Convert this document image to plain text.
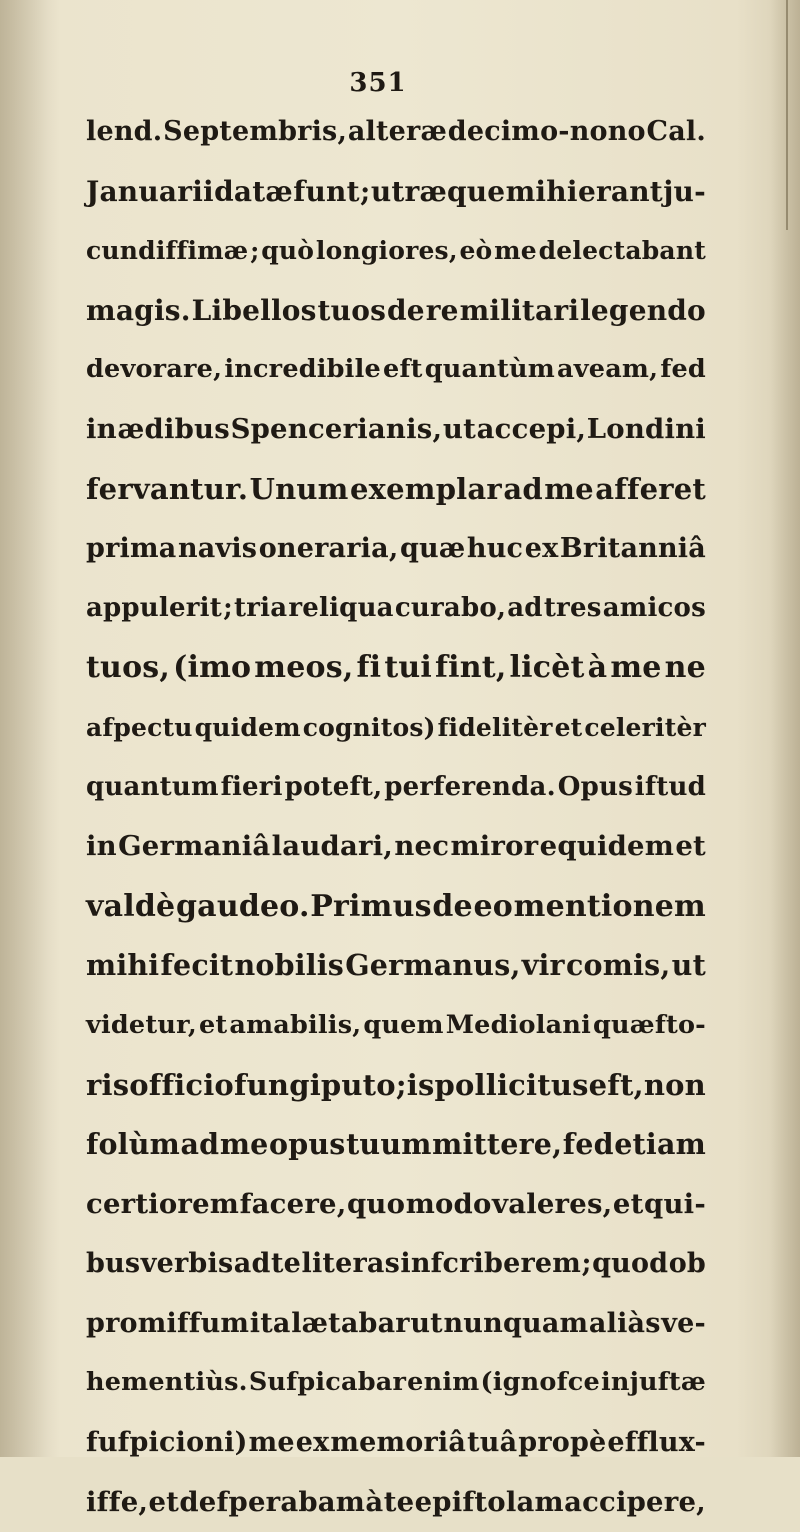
351

lend. Septembris, alteræ decimo-nono Cal.
Januarii datæ funt ; utræque mihi erant ju-
cundiffimæ ; quò longiores, eò me delectabant
magis. Libellos tuos de re militari legendo
devorare, incredibile eft quantùm aveam, fed
in ædibus Spencerianis, ut accepi, Londini
fervantur. Unum exemplar ad me afferet
prima navis oneraria, quæ huc ex Britanniâ
appulerit ; tria reliqua curabo, ad tres amicos
tuos, (imo meos, fi tui fint, licèt à me ne
afpectu quidem cognitos) fidelitèr et celeritèr
quantum fieri poteft, perferenda. Opus iftud
in Germaniâ laudari, nec miror equidem et
valdè gaudeo. Primus de eo mentionem
mihi fecit nobilis Germanus, vir comis, ut
videtur, et amabilis, quem Mediolani quæfto-
ris officio fungi puto ; is pollicitus eft, non
folùm ad me opus tuum mittere, fed etiam
certiorem facere, quo modo valeres, et qui-
bus verbis ad te literas infcriberem ; quod ob
promiffum ita lætabar ut nunquam aliàs ve-
hementiùs. Sufpicabar enim (ignofce injuftæ
fufpicioni) me ex memoriâ tuâ propè efflux-
iffe, et defperabam à te epiftolam accipere,
